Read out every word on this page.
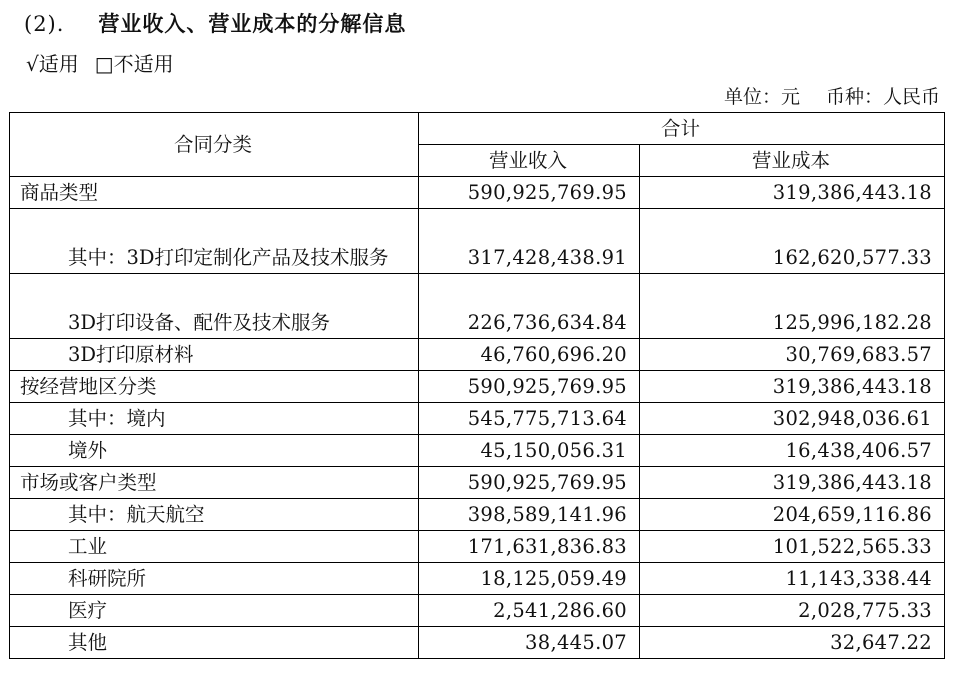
(2). 营业收入、营业成本的分解信息
√适用 □不适用
单位：元 币种：人民币
合同分类	合计	
	营业收入	营业成本
商品类型	590,925,769.95	319,386,443.18
其中：3D打印定制化产品及技术服务	317,428,438.91	162,620,577.33
3D打印设备、配件及技术服务	226,736,634.84	125,996,182.28
3D打印原材料	46,760,696.20	30,769,683.57
按经营地区分类	590,925,769.95	319,386,443.18
其中：境内	545,775,713.64	302,948,036.61
境外	45,150,056.31	16,438,406.57
市场或客户类型	590,925,769.95	319,386,443.18
其中：航天航空	398,589,141.96	204,659,116.86
工业	171,631,836.83	101,522,565.33
科研院所	18,125,059.49	11,143,338.44
医疗	2,541,286.60	2,028,775.33
其他	38,445.07	32,647.22
